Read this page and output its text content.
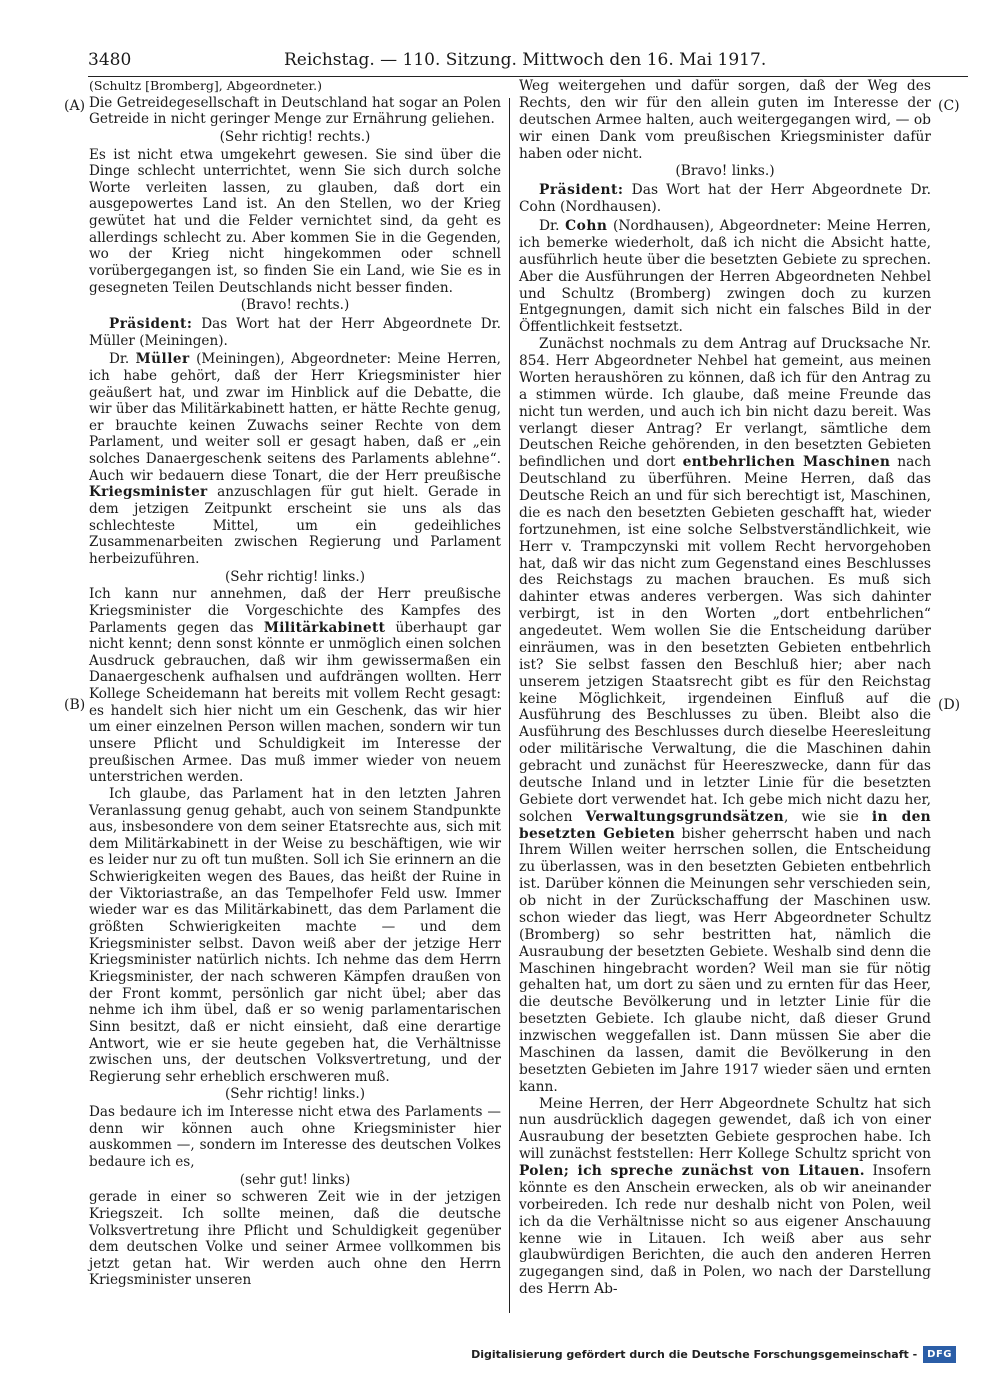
3480	Reichstag. — 110. Sitzung. Mittwoch den 16. Mai 1917.
(A)
(B)
(C)
(D)

(Schultz [Bromberg], Abgeordneter.)

Die Getreidegesellschaft in Deutschland hat sogar an Polen Getreide in nicht geringer Menge zur Ernährung geliehen.

(Sehr richtig! rechts.)

Es ist nicht etwa umgekehrt gewesen. Sie sind über die Dinge schlecht unterrichtet, wenn Sie sich durch solche Worte verleiten lassen, zu glauben, daß dort ein ausgepowertes Land ist. An den Stellen, wo der Krieg gewütet hat und die Felder vernichtet sind, da geht es allerdings schlecht zu. Aber kommen Sie in die Gegenden, wo der Krieg nicht hingekommen oder schnell vorübergegangen ist, so finden Sie ein Land, wie Sie es in gesegneten Teilen Deutschlands nicht besser finden.

(Bravo! rechts.)

Präsident: Das Wort hat der Herr Abgeordnete Dr. Müller (Meiningen).

Dr. Müller (Meiningen), Abgeordneter: Meine Herren, ich habe gehört, daß der Herr Kriegsminister hier geäußert hat, und zwar im Hinblick auf die Debatte, die wir über das Militärkabinett hatten, er hätte Rechte genug, er brauchte keinen Zuwachs seiner Rechte von dem Parlament, und weiter soll er gesagt haben, daß er „ein solches Danaergeschenk seitens des Parlaments ablehne“. Auch wir bedauern diese Tonart, die der Herr preußische Kriegsminister anzuschlagen für gut hielt. Gerade in dem jetzigen Zeitpunkt erscheint sie uns als das schlechteste Mittel, um ein gedeihliches Zusammenarbeiten zwischen Regierung und Parlament herbeizuführen.

(Sehr richtig! links.)

Ich kann nur annehmen, daß der Herr preußische Kriegsminister die Vorgeschichte des Kampfes des Parlaments gegen das Militärkabinett überhaupt gar nicht kennt; denn sonst könnte er unmöglich einen solchen Ausdruck gebrauchen, daß wir ihm gewissermaßen ein Danaergeschenk aufhalsen und aufdrängen wollten. Herr Kollege Scheidemann hat bereits mit vollem Recht gesagt: es handelt sich hier nicht um ein Geschenk, das wir hier um einer einzelnen Person willen machen, sondern wir tun unsere Pflicht und Schuldigkeit im Interesse der preußischen Armee. Das muß immer wieder von neuem unterstrichen werden.

Ich glaube, das Parlament hat in den letzten Jahren Veranlassung genug gehabt, auch von seinem Standpunkte aus, insbesondere von dem seiner Etatsrechte aus, sich mit dem Militärkabinett in der Weise zu beschäftigen, wie wir es leider nur zu oft tun mußten. Soll ich Sie erinnern an die Schwierigkeiten wegen des Baues, das heißt der Ruine in der Viktoriastraße, an das Tempelhofer Feld usw. Immer wieder war es das Militärkabinett, das dem Parlament die größten Schwierigkeiten machte — und dem Kriegsminister selbst. Davon weiß aber der jetzige Herr Kriegsminister natürlich nichts. Ich nehme das dem Herrn Kriegsminister, der nach schweren Kämpfen draußen von der Front kommt, persönlich gar nicht übel; aber das nehme ich ihm übel, daß er so wenig parlamentarischen Sinn besitzt, daß er nicht einsieht, daß eine derartige Antwort, wie er sie heute gegeben hat, die Verhältnisse zwischen uns, der deutschen Volksvertretung, und der Regierung sehr erheblich erschweren muß.

(Sehr richtig! links.)

Das bedaure ich im Interesse nicht etwa des Parlaments — denn wir können auch ohne Kriegsminister hier auskommen —, sondern im Interesse des deutschen Volkes bedaure ich es,

(sehr gut! links)

gerade in einer so schweren Zeit wie in der jetzigen Kriegszeit. Ich sollte meinen, daß die deutsche Volksvertretung ihre Pflicht und Schuldigkeit gegenüber dem deutschen Volke und seiner Armee vollkommen bis jetzt getan hat. Wir werden auch ohne den Herrn Kriegsminister unseren

Weg weitergehen und dafür sorgen, daß der Weg des Rechts, den wir für den allein guten im Interesse der deutschen Armee halten, auch weitergegangen wird, — ob wir einen Dank vom preußischen Kriegsminister dafür haben oder nicht.

(Bravo! links.)

Präsident: Das Wort hat der Herr Abgeordnete Dr. Cohn (Nordhausen).

Dr. Cohn (Nordhausen), Abgeordneter: Meine Herren, ich bemerke wiederholt, daß ich nicht die Absicht hatte, ausführlich heute über die besetzten Gebiete zu sprechen. Aber die Ausführungen der Herren Abgeordneten Nehbel und Schultz (Bromberg) zwingen doch zu kurzen Entgegnungen, damit sich nicht ein falsches Bild in der Öffentlichkeit festsetzt.

Zunächst nochmals zu dem Antrag auf Drucksache Nr. 854. Herr Abgeordneter Nehbel hat gemeint, aus meinen Worten heraushören zu können, daß ich für den Antrag zu a stimmen würde. Ich glaube, daß meine Freunde das nicht tun werden, und auch ich bin nicht dazu bereit. Was verlangt dieser Antrag? Er verlangt, sämtliche dem Deutschen Reiche gehörenden, in den besetzten Gebieten befindlichen und dort entbehrlichen Maschinen nach Deutschland zu überführen. Meine Herren, daß das Deutsche Reich an und für sich berechtigt ist, Maschinen, die es nach den besetzten Gebieten geschafft hat, wieder fortzunehmen, ist eine solche Selbstverständlichkeit, wie Herr v. Trampczynski mit vollem Recht hervorgehoben hat, daß wir das nicht zum Gegenstand eines Beschlusses des Reichstags zu machen brauchen. Es muß sich dahinter etwas anderes verbergen. Was sich dahinter verbirgt, ist in den Worten „dort entbehrlichen“ angedeutet. Wem wollen Sie die Entscheidung darüber einräumen, was in den besetzten Gebieten entbehrlich ist? Sie selbst fassen den Beschluß hier; aber nach unserem jetzigen Staatsrecht gibt es für den Reichstag keine Möglichkeit, irgendeinen Einfluß auf die Ausführung des Beschlusses zu üben. Bleibt also die Ausführung des Beschlusses durch dieselbe Heeresleitung oder militärische Verwaltung, die die Maschinen dahin gebracht und zunächst für Heereszwecke, dann für das deutsche Inland und in letzter Linie für die besetzten Gebiete dort verwendet hat. Ich gebe mich nicht dazu her, solchen Verwaltungsgrundsätzen, wie sie in den besetzten Gebieten bisher geherrscht haben und nach Ihrem Willen weiter herrschen sollen, die Entscheidung zu überlassen, was in den besetzten Gebieten entbehrlich ist. Darüber können die Meinungen sehr verschieden sein, ob nicht in der Zurückschaffung der Maschinen usw. schon wieder das liegt, was Herr Abgeordneter Schultz (Bromberg) so sehr bestritten hat, nämlich die Ausraubung der besetzten Gebiete. Weshalb sind denn die Maschinen hingebracht worden? Weil man sie für nötig gehalten hat, um dort zu säen und zu ernten für das Heer, die deutsche Bevölkerung und in letzter Linie für die besetzten Gebiete. Ich glaube nicht, daß dieser Grund inzwischen weggefallen ist. Dann müssen Sie aber die Maschinen da lassen, damit die Bevölkerung in den besetzten Gebieten im Jahre 1917 wieder säen und ernten kann.

Meine Herren, der Herr Abgeordnete Schultz hat sich nun ausdrücklich dagegen gewendet, daß ich von einer Ausraubung der besetzten Gebiete gesprochen habe. Ich will zunächst feststellen: Herr Kollege Schultz spricht von Polen; ich spreche zunächst von Litauen. Insofern könnte es den Anschein erwecken, als ob wir aneinander vorbeireden. Ich rede nur deshalb nicht von Polen, weil ich da die Verhältnisse nicht so aus eigener Anschauung kenne wie in Litauen. Ich weiß aber aus sehr glaubwürdigen Berichten, die auch den anderen Herren zugegangen sind, daß in Polen, wo nach der Darstellung des Herrn Ab-

Digitalisierung gefördert durch die Deutsche Forschungsgemeinschaft -	DFG
